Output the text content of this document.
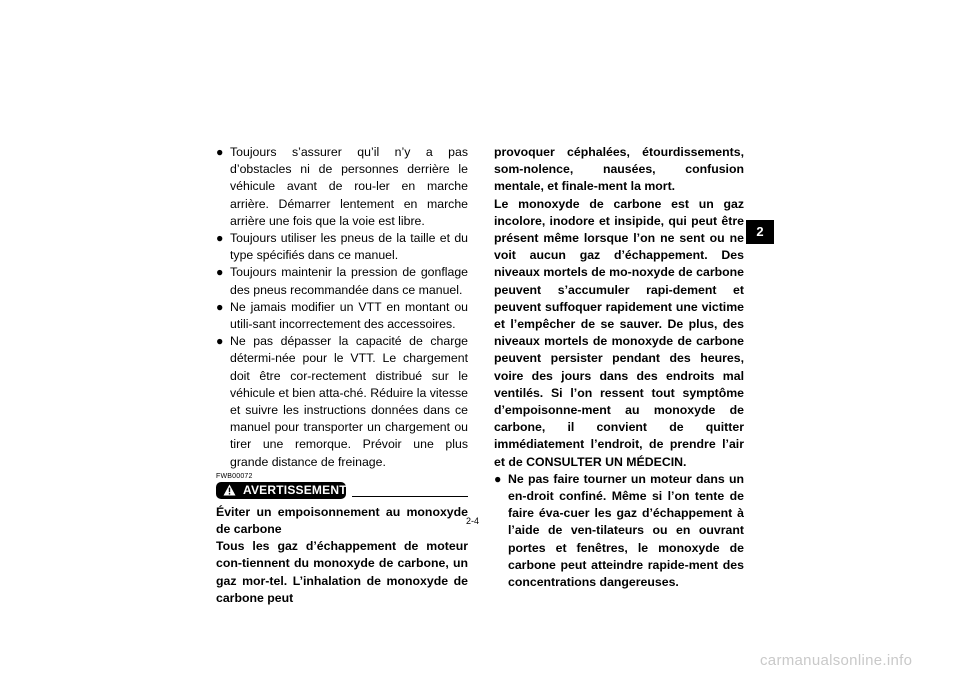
● Toujours s’assurer qu’il n’y a pas d’obstacles ni de personnes derrière le véhicule avant de rou-ler en marche arrière. Démarrer lentement en marche arrière une fois que la voie est libre.
● Toujours utiliser les pneus de la taille et du type spécifiés dans ce manuel.
● Toujours maintenir la pression de gonflage des pneus recommandée dans ce manuel.
● Ne jamais modifier un VTT en montant ou utili-sant incorrectement des accessoires.
● Ne pas dépasser la capacité de charge détermi-née pour le VTT. Le chargement doit être cor-rectement distribué sur le véhicule et bien atta-ché. Réduire la vitesse et suivre les instructions données dans ce manuel pour transporter un chargement ou tirer une remorque. Prévoir une plus grande distance de freinage.
FWB00072
AVERTISSEMENT
Éviter un empoisonnement au monoxyde de carbone
Tous les gaz d’échappement de moteur con-tiennent du monoxyde de carbone, un gaz mor-tel. L’inhalation de monoxyde de carbone peut
provoquer céphalées, étourdissements, som-nolence, nausées, confusion mentale, et finale-ment la mort.
Le monoxyde de carbone est un gaz incolore, inodore et insipide, qui peut être présent même lorsque l’on ne sent ou ne voit aucun gaz d’échappement. Des niveaux mortels de mo-noxyde de carbone peuvent s’accumuler rapi-dement et peuvent suffoquer rapidement une victime et l’empêcher de se sauver. De plus, des niveaux mortels de monoxyde de carbone peuvent persister pendant des heures, voire des jours dans des endroits mal ventilés. Si l’on ressent tout symptôme d’empoisonne-ment au monoxyde de carbone, il convient de quitter immédiatement l’endroit, de prendre l’air et de CONSULTER UN MÉDECIN.
● Ne pas faire tourner un moteur dans un en-droit confiné. Même si l’on tente de faire éva-cuer les gaz d’échappement à l’aide de ven-tilateurs ou en ouvrant portes et fenêtres, le monoxyde de carbone peut atteindre rapide-ment des concentrations dangereuses.
2
2-4
carmanualsonline.info
